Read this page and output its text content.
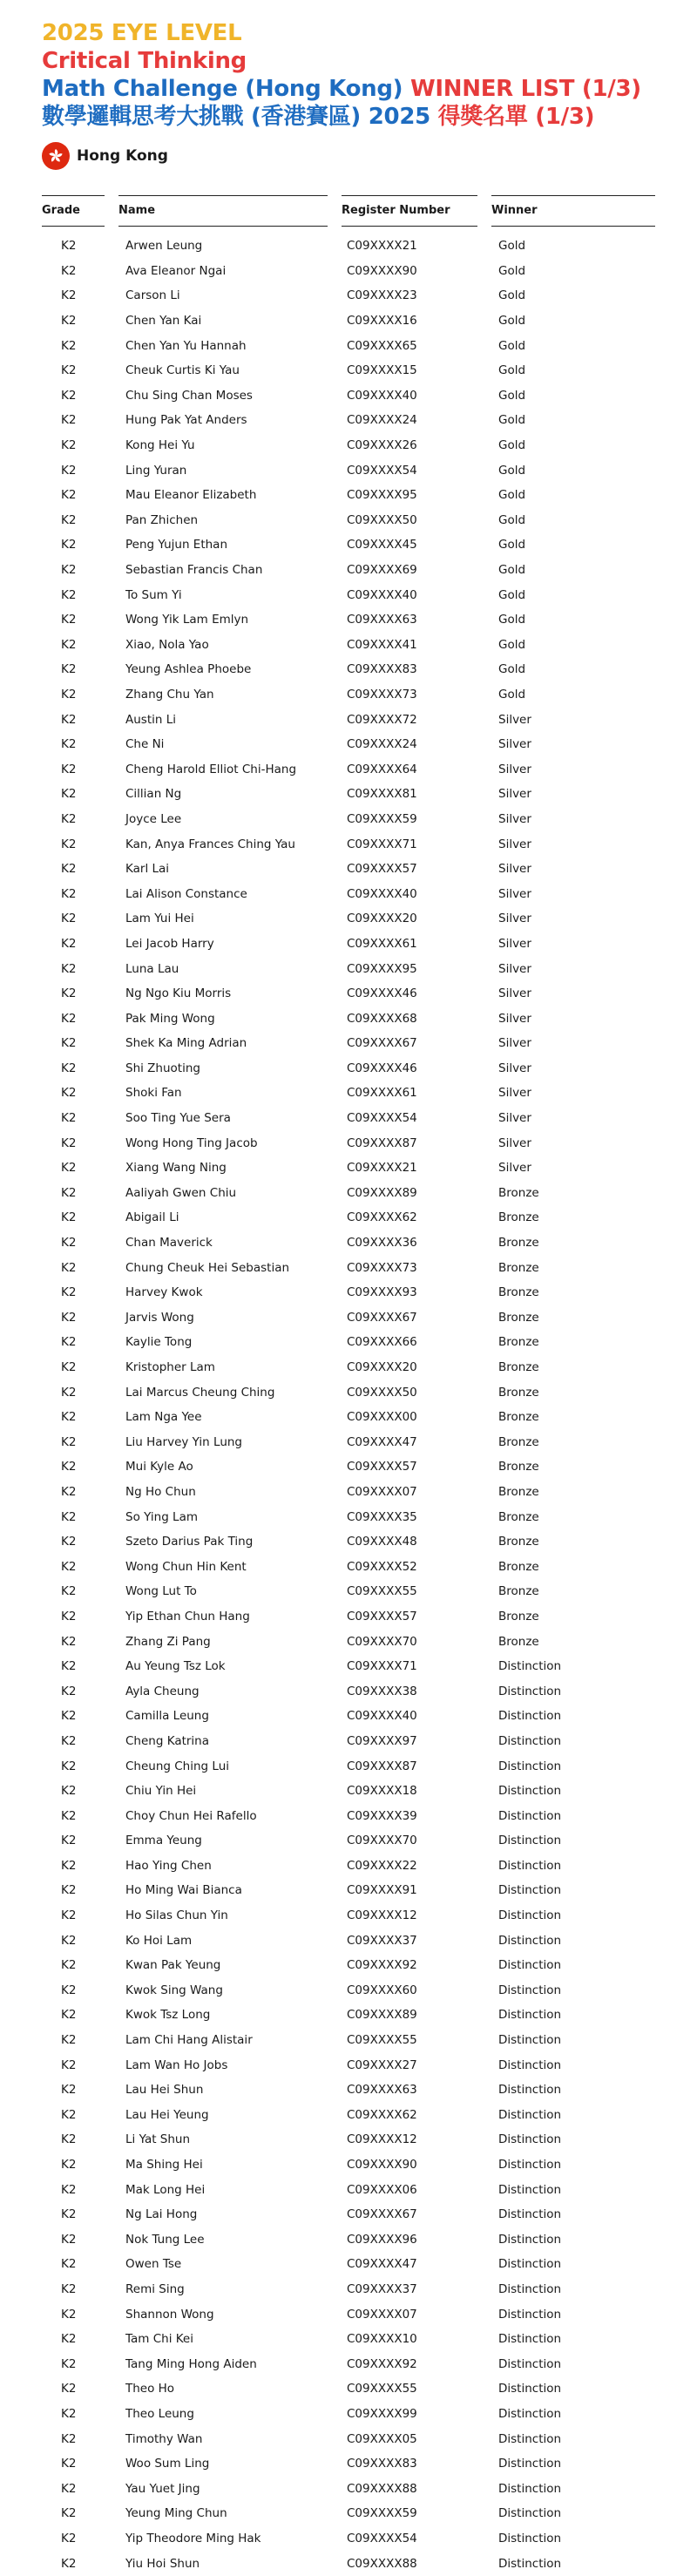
2025 EYE LEVEL
Critical Thinking
Math Challenge (Hong Kong) WINNER LIST (1/3)
數學邏輯思考大挑戰 (香港賽區) 2025 得獎名單 (1/3)
Hong Kong
Grade	Name	Register Number	Winner
K2	Arwen Leung	C09XXXX21	Gold
K2	Ava Eleanor Ngai	C09XXXX90	Gold
K2	Carson Li	C09XXXX23	Gold
K2	Chen Yan Kai	C09XXXX16	Gold
K2	Chen Yan Yu Hannah	C09XXXX65	Gold
K2	Cheuk Curtis Ki Yau	C09XXXX15	Gold
K2	Chu Sing Chan Moses	C09XXXX40	Gold
K2	Hung Pak Yat Anders	C09XXXX24	Gold
K2	Kong Hei Yu	C09XXXX26	Gold
K2	Ling Yuran	C09XXXX54	Gold
K2	Mau Eleanor Elizabeth	C09XXXX95	Gold
K2	Pan Zhichen	C09XXXX50	Gold
K2	Peng Yujun Ethan	C09XXXX45	Gold
K2	Sebastian Francis Chan	C09XXXX69	Gold
K2	To Sum Yi	C09XXXX40	Gold
K2	Wong Yik Lam Emlyn	C09XXXX63	Gold
K2	Xiao, Nola Yao	C09XXXX41	Gold
K2	Yeung Ashlea Phoebe	C09XXXX83	Gold
K2	Zhang Chu Yan	C09XXXX73	Gold
K2	Austin Li	C09XXXX72	Silver
K2	Che Ni	C09XXXX24	Silver
K2	Cheng Harold Elliot Chi-Hang	C09XXXX64	Silver
K2	Cillian Ng	C09XXXX81	Silver
K2	Joyce Lee	C09XXXX59	Silver
K2	Kan, Anya Frances Ching Yau	C09XXXX71	Silver
K2	Karl Lai	C09XXXX57	Silver
K2	Lai Alison Constance	C09XXXX40	Silver
K2	Lam Yui Hei	C09XXXX20	Silver
K2	Lei Jacob Harry	C09XXXX61	Silver
K2	Luna Lau	C09XXXX95	Silver
K2	Ng Ngo Kiu Morris	C09XXXX46	Silver
K2	Pak Ming Wong	C09XXXX68	Silver
K2	Shek Ka Ming Adrian	C09XXXX67	Silver
K2	Shi Zhuoting	C09XXXX46	Silver
K2	Shoki Fan	C09XXXX61	Silver
K2	Soo Ting Yue Sera	C09XXXX54	Silver
K2	Wong Hong Ting Jacob	C09XXXX87	Silver
K2	Xiang Wang Ning	C09XXXX21	Silver
K2	Aaliyah Gwen Chiu	C09XXXX89	Bronze
K2	Abigail Li	C09XXXX62	Bronze
K2	Chan Maverick	C09XXXX36	Bronze
K2	Chung Cheuk Hei Sebastian	C09XXXX73	Bronze
K2	Harvey Kwok	C09XXXX93	Bronze
K2	Jarvis Wong	C09XXXX67	Bronze
K2	Kaylie Tong	C09XXXX66	Bronze
K2	Kristopher Lam	C09XXXX20	Bronze
K2	Lai Marcus Cheung Ching	C09XXXX50	Bronze
K2	Lam Nga Yee	C09XXXX00	Bronze
K2	Liu Harvey Yin Lung	C09XXXX47	Bronze
K2	Mui Kyle Ao	C09XXXX57	Bronze
K2	Ng Ho Chun	C09XXXX07	Bronze
K2	So Ying Lam	C09XXXX35	Bronze
K2	Szeto Darius Pak Ting	C09XXXX48	Bronze
K2	Wong Chun Hin Kent	C09XXXX52	Bronze
K2	Wong Lut To	C09XXXX55	Bronze
K2	Yip Ethan Chun Hang	C09XXXX57	Bronze
K2	Zhang Zi Pang	C09XXXX70	Bronze
K2	Au Yeung Tsz Lok	C09XXXX71	Distinction
K2	Ayla Cheung	C09XXXX38	Distinction
K2	Camilla Leung	C09XXXX40	Distinction
K2	Cheng Katrina	C09XXXX97	Distinction
K2	Cheung Ching Lui	C09XXXX87	Distinction
K2	Chiu Yin Hei	C09XXXX18	Distinction
K2	Choy Chun Hei Rafello	C09XXXX39	Distinction
K2	Emma Yeung	C09XXXX70	Distinction
K2	Hao Ying Chen	C09XXXX22	Distinction
K2	Ho Ming Wai Bianca	C09XXXX91	Distinction
K2	Ho Silas Chun Yin	C09XXXX12	Distinction
K2	Ko Hoi Lam	C09XXXX37	Distinction
K2	Kwan Pak Yeung	C09XXXX92	Distinction
K2	Kwok Sing Wang	C09XXXX60	Distinction
K2	Kwok Tsz Long	C09XXXX89	Distinction
K2	Lam Chi Hang Alistair	C09XXXX55	Distinction
K2	Lam Wan Ho Jobs	C09XXXX27	Distinction
K2	Lau Hei Shun	C09XXXX63	Distinction
K2	Lau Hei Yeung	C09XXXX62	Distinction
K2	Li Yat Shun	C09XXXX12	Distinction
K2	Ma Shing Hei	C09XXXX90	Distinction
K2	Mak Long Hei	C09XXXX06	Distinction
K2	Ng Lai Hong	C09XXXX67	Distinction
K2	Nok Tung Lee	C09XXXX96	Distinction
K2	Owen Tse	C09XXXX47	Distinction
K2	Remi Sing	C09XXXX37	Distinction
K2	Shannon Wong	C09XXXX07	Distinction
K2	Tam Chi Kei	C09XXXX10	Distinction
K2	Tang Ming Hong Aiden	C09XXXX92	Distinction
K2	Theo Ho	C09XXXX55	Distinction
K2	Theo Leung	C09XXXX99	Distinction
K2	Timothy Wan	C09XXXX05	Distinction
K2	Woo Sum Ling	C09XXXX83	Distinction
K2	Yau Yuet Jing	C09XXXX88	Distinction
K2	Yeung Ming Chun	C09XXXX59	Distinction
K2	Yip Theodore Ming Hak	C09XXXX54	Distinction
K2	Yiu Hoi Shun	C09XXXX88	Distinction
